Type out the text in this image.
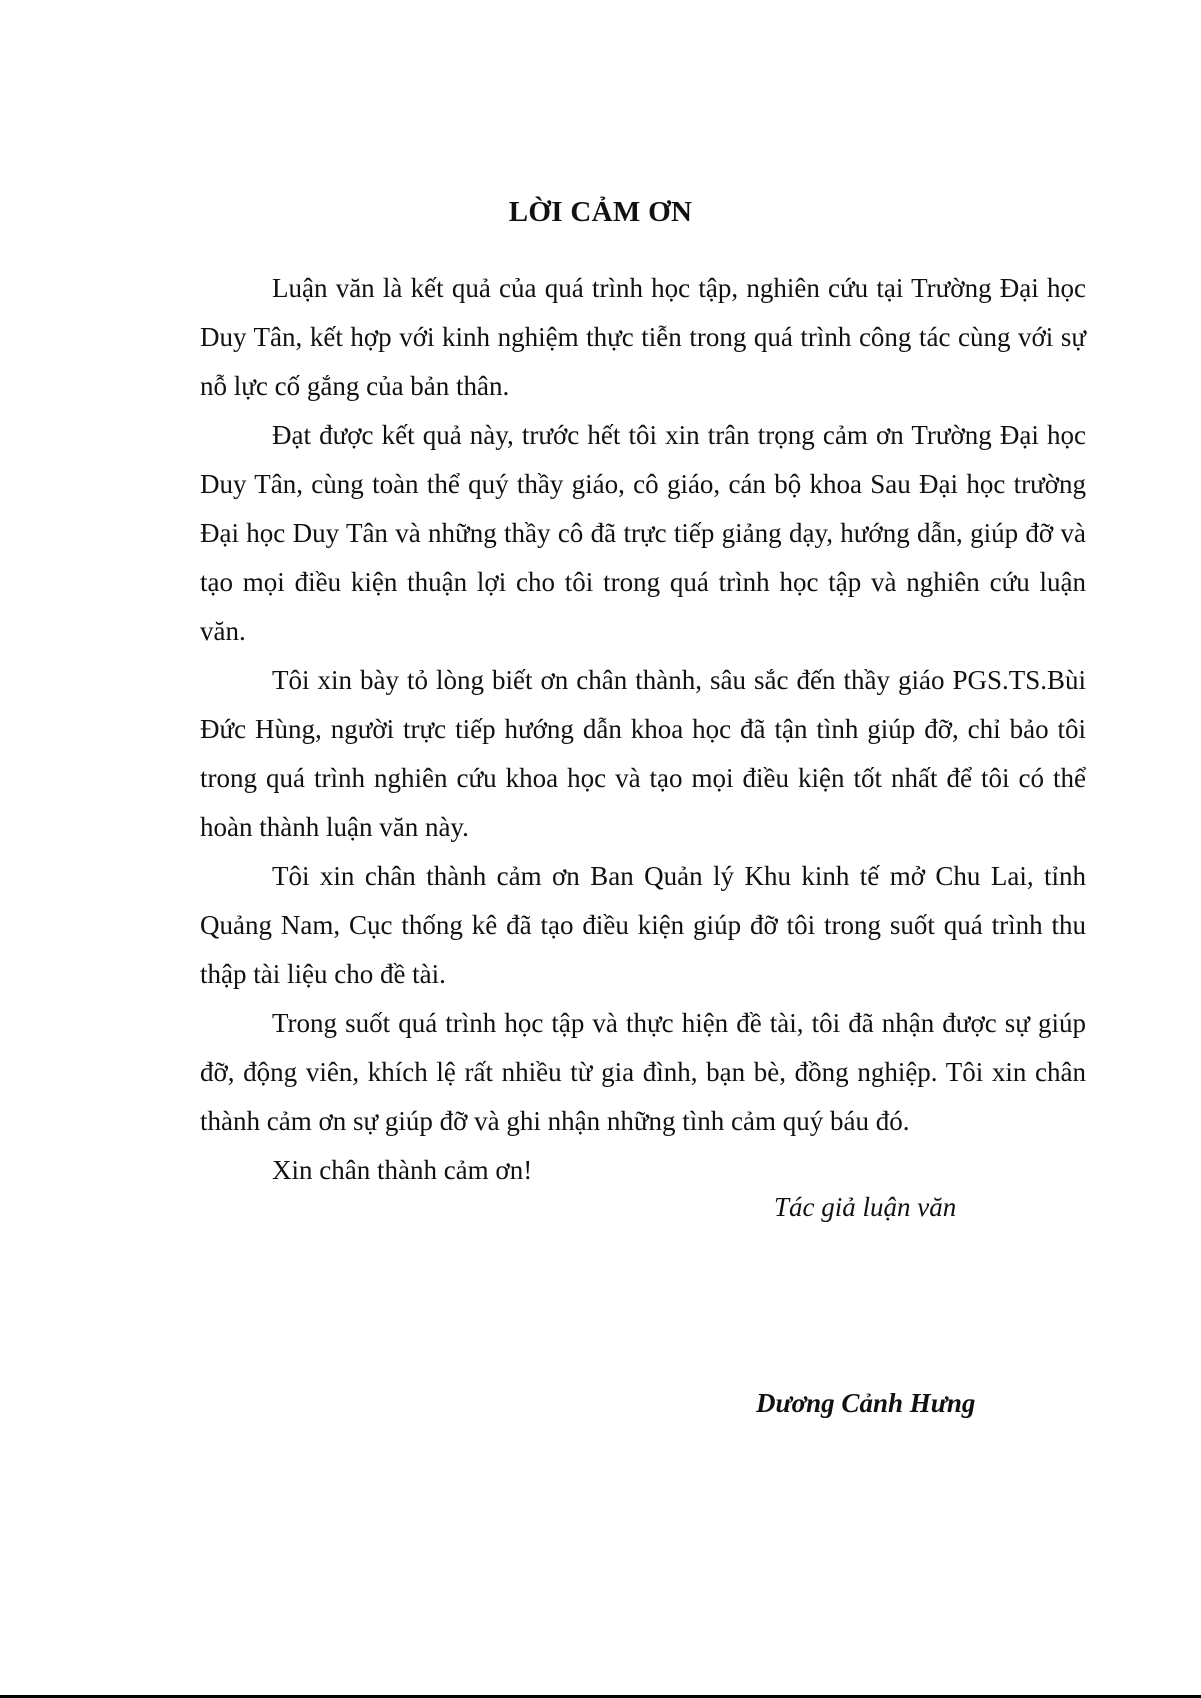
LỜI CẢM ƠN

Luận văn là kết quả của quá trình học tập, nghiên cứu tại Trường Đại học Duy Tân, kết hợp với kinh nghiệm thực tiễn trong quá trình công tác cùng với sự nỗ lực cố gắng của bản thân.

Đạt được kết quả này, trước hết tôi xin trân trọng cảm ơn Trường Đại học Duy Tân, cùng toàn thể quý thầy giáo, cô giáo, cán bộ khoa Sau Đại học trường Đại học Duy Tân và những thầy cô đã trực tiếp giảng dạy, hướng dẫn, giúp đỡ và tạo mọi điều kiện thuận lợi cho tôi trong quá trình học tập và nghiên cứu luận văn.

Tôi xin bày tỏ lòng biết ơn chân thành, sâu sắc đến thầy giáo PGS.TS.Bùi Đức Hùng, người trực tiếp hướng dẫn khoa học đã tận tình giúp đỡ, chỉ bảo tôi trong quá trình nghiên cứu khoa học và tạo mọi điều kiện tốt nhất để tôi có thể hoàn thành luận văn này.

Tôi xin chân thành cảm ơn Ban Quản lý Khu kinh tế mở Chu Lai, tỉnh Quảng Nam, Cục thống kê đã tạo điều kiện giúp đỡ tôi trong suốt quá trình thu thập tài liệu cho đề tài.

Trong suốt quá trình học tập và thực hiện đề tài, tôi đã nhận được sự giúp đỡ, động viên, khích lệ rất nhiều từ gia đình, bạn bè, đồng nghiệp. Tôi xin chân thành cảm ơn sự giúp đỡ và ghi nhận những tình cảm quý báu đó.

Xin chân thành cảm ơn!

Tác giả luận văn

Dương Cảnh Hưng
